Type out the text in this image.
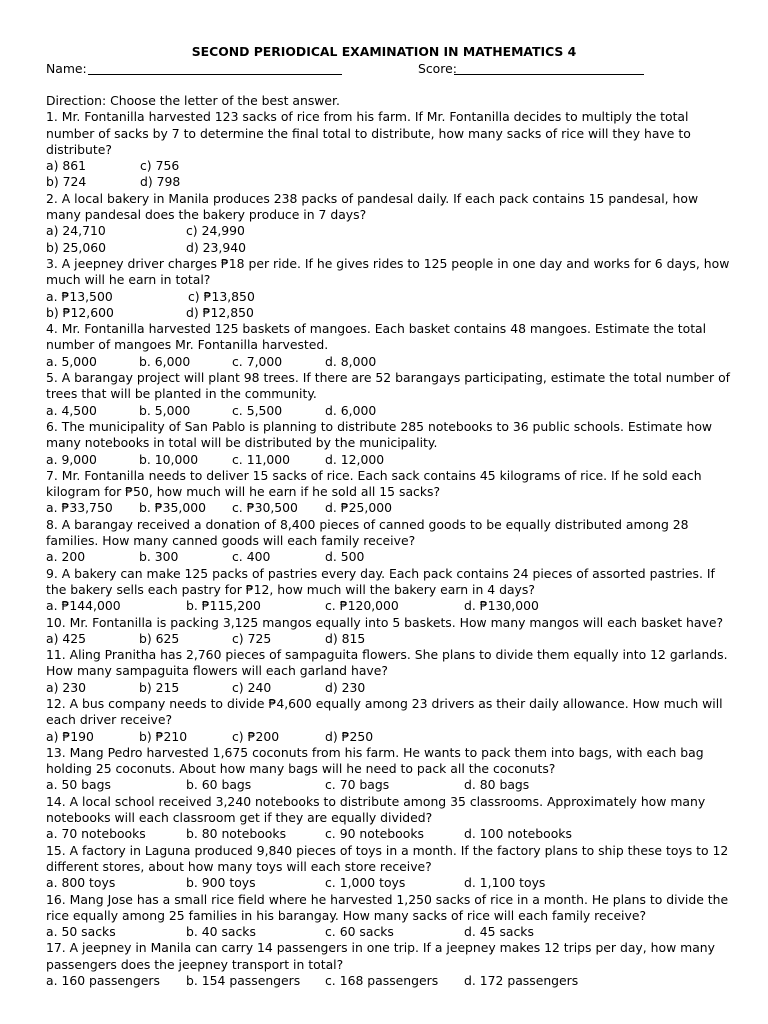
SECOND PERIODICAL EXAMINATION IN MATHEMATICS 4
Name:	Score:
Direction: Choose the letter of the best answer.
1. Mr. Fontanilla harvested 123 sacks of rice from his farm. If Mr. Fontanilla decides to multiply the total number of sacks by 7 to determine the final total to distribute, how many sacks of rice will they have to distribute?
a) 861	c) 756
b) 724	d) 798
2. A local bakery in Manila produces 238 packs of pandesal daily. If each pack contains 15 pandesal, how many pandesal does the bakery produce in 7 days?
a) 24,710	c) 24,990
b) 25,060	d) 23,940
3. A jeepney driver charges ₱18 per ride. If he gives rides to 125 people in one day and works for 6 days, how much will he earn in total?
a. ₱13,500	c) ₱13,850
b) ₱12,600	d) ₱12,850
4. Mr. Fontanilla harvested 125 baskets of mangoes. Each basket contains 48 mangoes. Estimate the total number of mangoes Mr. Fontanilla harvested.
a. 5,000	b. 6,000	c. 7,000	d. 8,000
5. A barangay project will plant 98 trees. If there are 52 barangays participating, estimate the total number of trees that will be planted in the community.
a. 4,500	b. 5,000	c. 5,500	d. 6,000
6. The municipality of San Pablo is planning to distribute 285 notebooks to 36 public schools. Estimate how many notebooks in total will be distributed by the municipality.
a. 9,000	b. 10,000	c. 11,000	d. 12,000
7. Mr. Fontanilla needs to deliver 15 sacks of rice. Each sack contains 45 kilograms of rice. If he sold each kilogram for ₱50, how much will he earn if he sold all 15 sacks?
a. ₱33,750 b. ₱35,000 c. ₱30,500 d. ₱25,000
8. A barangay received a donation of 8,400 pieces of canned goods to be equally distributed among 28 families. How many canned goods will each family receive?
a. 200	b. 300	c. 400	d. 500
9. A bakery can make 125 packs of pastries every day. Each pack contains 24 pieces of assorted pastries. If the bakery sells each pastry for ₱12, how much will the bakery earn in 4 days?
a. ₱144,000	b. ₱115,200	c. ₱120,000	d. ₱130,000
10. Mr. Fontanilla is packing 3,125 mangos equally into 5 baskets. How many mangos will each basket have?
a) 425	b) 625	c) 725	d) 815
11. Aling Pranitha has 2,760 pieces of sampaguita flowers. She plans to divide them equally into 12 garlands. How many sampaguita flowers will each garland have?
a) 230	b) 215	c) 240	d) 230
12. A bus company needs to divide ₱4,600 equally among 23 drivers as their daily allowance. How much will each driver receive?
a) ₱190	b) ₱210	c) ₱200	d) ₱250
13. Mang Pedro harvested 1,675 coconuts from his farm. He wants to pack them into bags, with each bag holding 25 coconuts. About how many bags will he need to pack all the coconuts?
a. 50 bags	b. 60 bags	c. 70 bags	d. 80 bags
14. A local school received 3,240 notebooks to distribute among 35 classrooms. Approximately how many notebooks will each classroom get if they are equally divided?
a. 70 notebooks	b. 80 notebooks	c. 90 notebooks	d. 100 notebooks
15. A factory in Laguna produced 9,840 pieces of toys in a month. If the factory plans to ship these toys to 12 different stores, about how many toys will each store receive?
a. 800 toys	b. 900 toys	c. 1,000 toys	d. 1,100 toys
16. Mang Jose has a small rice field where he harvested 1,250 sacks of rice in a month. He plans to divide the rice equally among 25 families in his barangay. How many sacks of rice will each family receive?
a. 50 sacks	b. 40 sacks	c. 60 sacks	d. 45 sacks
17. A jeepney in Manila can carry 14 passengers in one trip. If a jeepney makes 12 trips per day, how many passengers does the jeepney transport in total?
a. 160 passengers b. 154 passengers c. 168 passengers d. 172 passengers
